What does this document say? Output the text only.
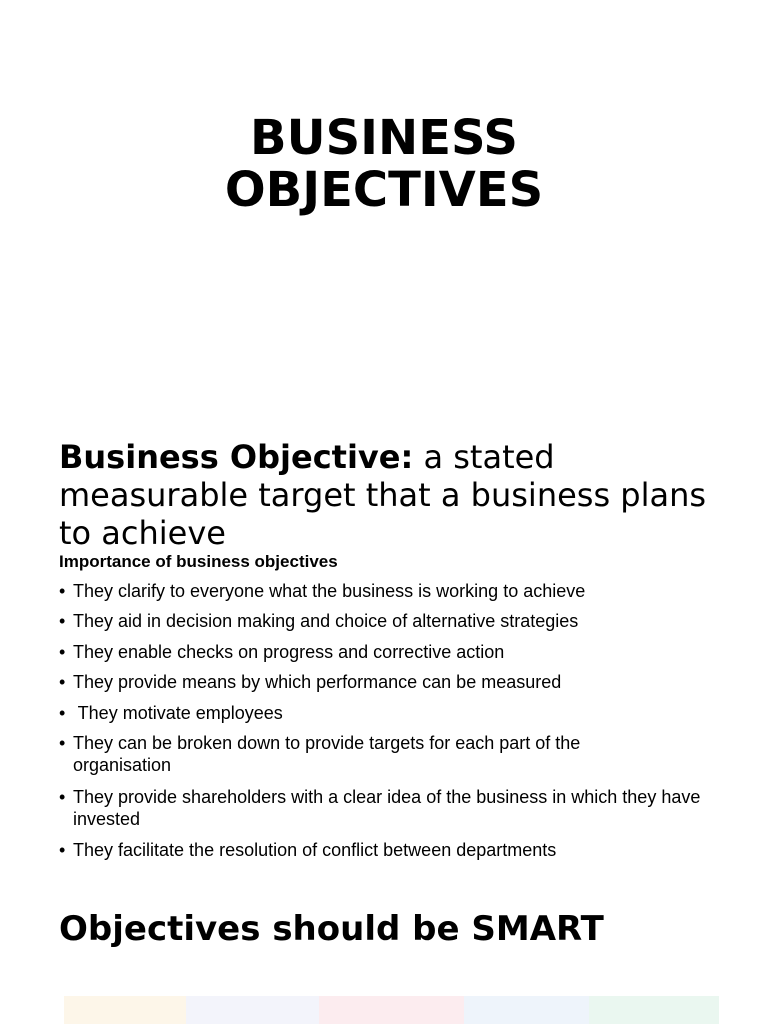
BUSINESS
OBJECTIVES

Business Objective: a stated measurable target that a business plans to achieve

Importance of business objectives

• They clarify to everyone what the business is working to achieve
• They aid in decision making and choice of alternative strategies
• They enable checks on progress and corrective action
• They provide means by which performance can be measured
• They motivate employees
• They can be broken down to provide targets for each part of the organisation
• They provide shareholders with a clear idea of the business in which they have invested
• They facilitate the resolution of conflict between departments
Objectives should be SMART
